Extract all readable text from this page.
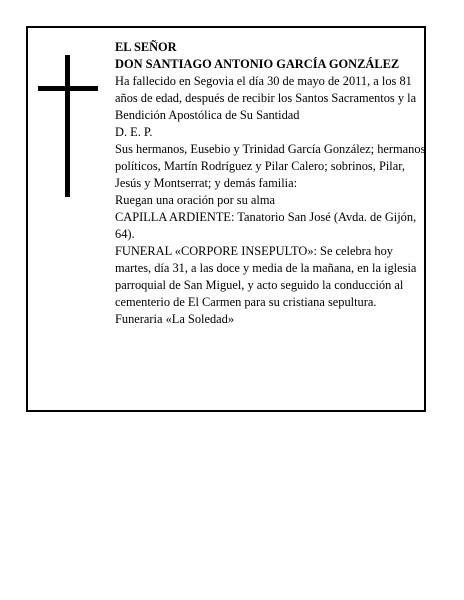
EL SEÑOR

DON SANTIAGO ANTONIO GARCÍA GONZÁLEZ

Ha fallecido en Segovia el día 30 de mayo de 2011, a los 81 años de edad, después de recibir los Santos Sacramentos y la Bendición Apostólica de Su Santidad

D. E. P.

Sus hermanos, Eusebio y Trinidad García González; hermanos políticos, Martín Rodríguez y Pilar Calero; sobrinos, Pilar, Jesús y Montserrat; y demás familia:

Ruegan una oración por su alma

CAPILLA ARDIENTE: Tanatorio San José (Avda. de Gijón, 64).

FUNERAL «CORPORE INSEPULTO»: Se celebra hoy martes, día 31, a las doce y media de la mañana, en la iglesia parroquial de San Miguel, y acto seguido la conducción al cementerio de El Carmen para su cristiana sepultura.

Funeraria «La Soledad»
